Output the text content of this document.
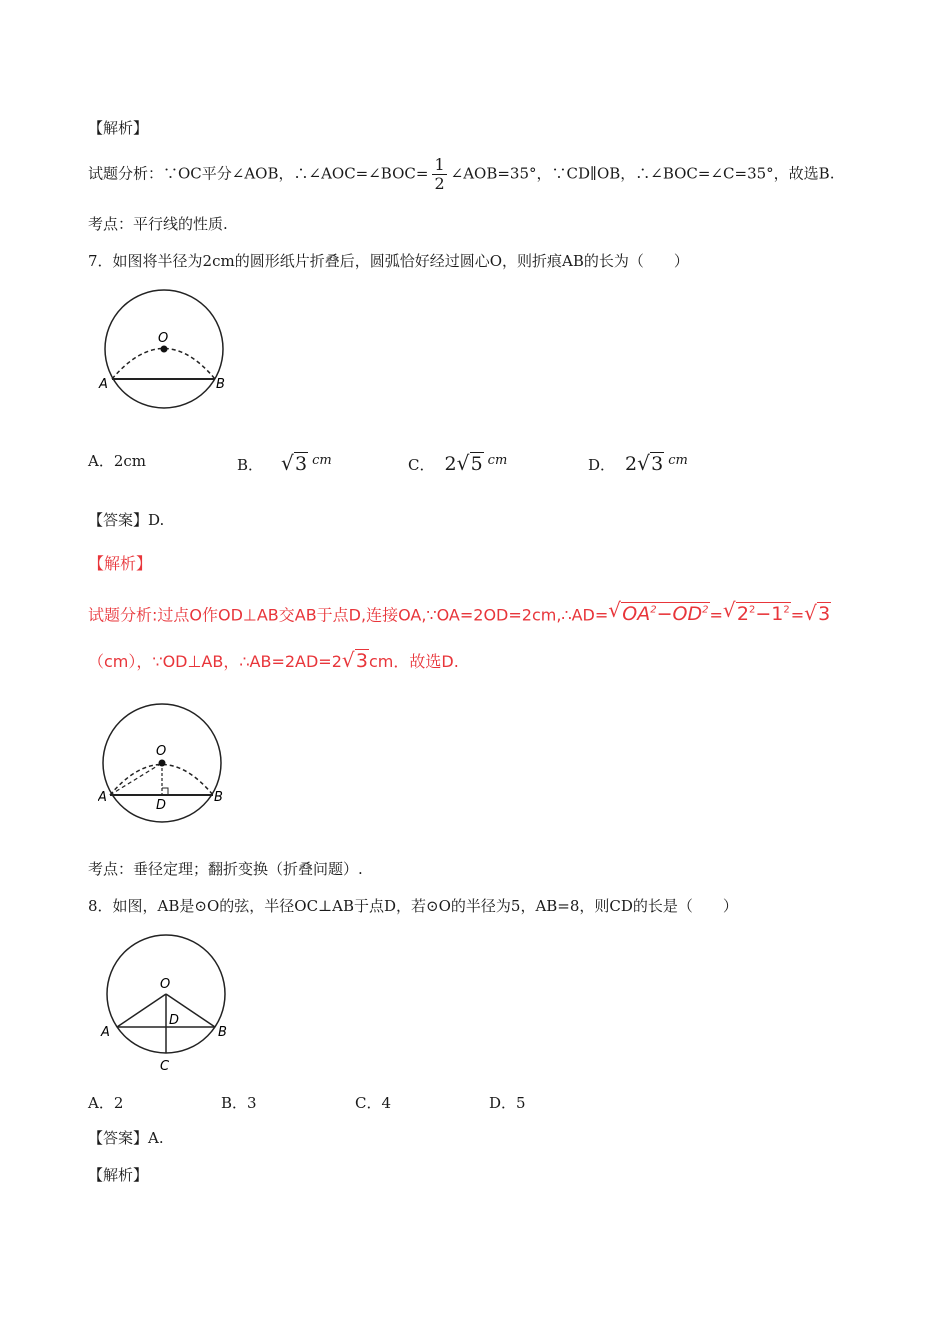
【解析】
试题分析：∵OC平分∠AOB，∴∠AOC=∠BOC= $\frac{1}{2}$ ∠AOB=35°，∵CD∥OB，∴∠BOC=∠C=35°，故选B.
考点：平行线的性质.
7．如图将半径为2cm的圆形纸片折叠后，圆弧恰好经过圆心O，则折痕AB的长为（　　）
O
A	B
A．2cm	B．√ 3 cm	C． 2√ 5 cm	D． 2√ 3 cm
【答案】D.
【解析】
试题分析:过点O作OD⊥AB交AB于点D,连接OA,∵OA=2OD=2cm,∴AD=√ $OA^2-OD^2=√$ $2^2-1^2=√$ 3
（cm），∵OD⊥AB，∴AB=2AD=2√ 3cm．故选D.
O
A	B
D
考点：垂径定理；翻折变换（折叠问题）.
8．如图，AB是⊙O的弦，半径OC⊥AB于点D，若⊙O的半径为5，AB=8，则CD的长是（　　）
O
D
A	B
C
A．2	B．3	C．4	D．5
【答案】A.
【解析】
